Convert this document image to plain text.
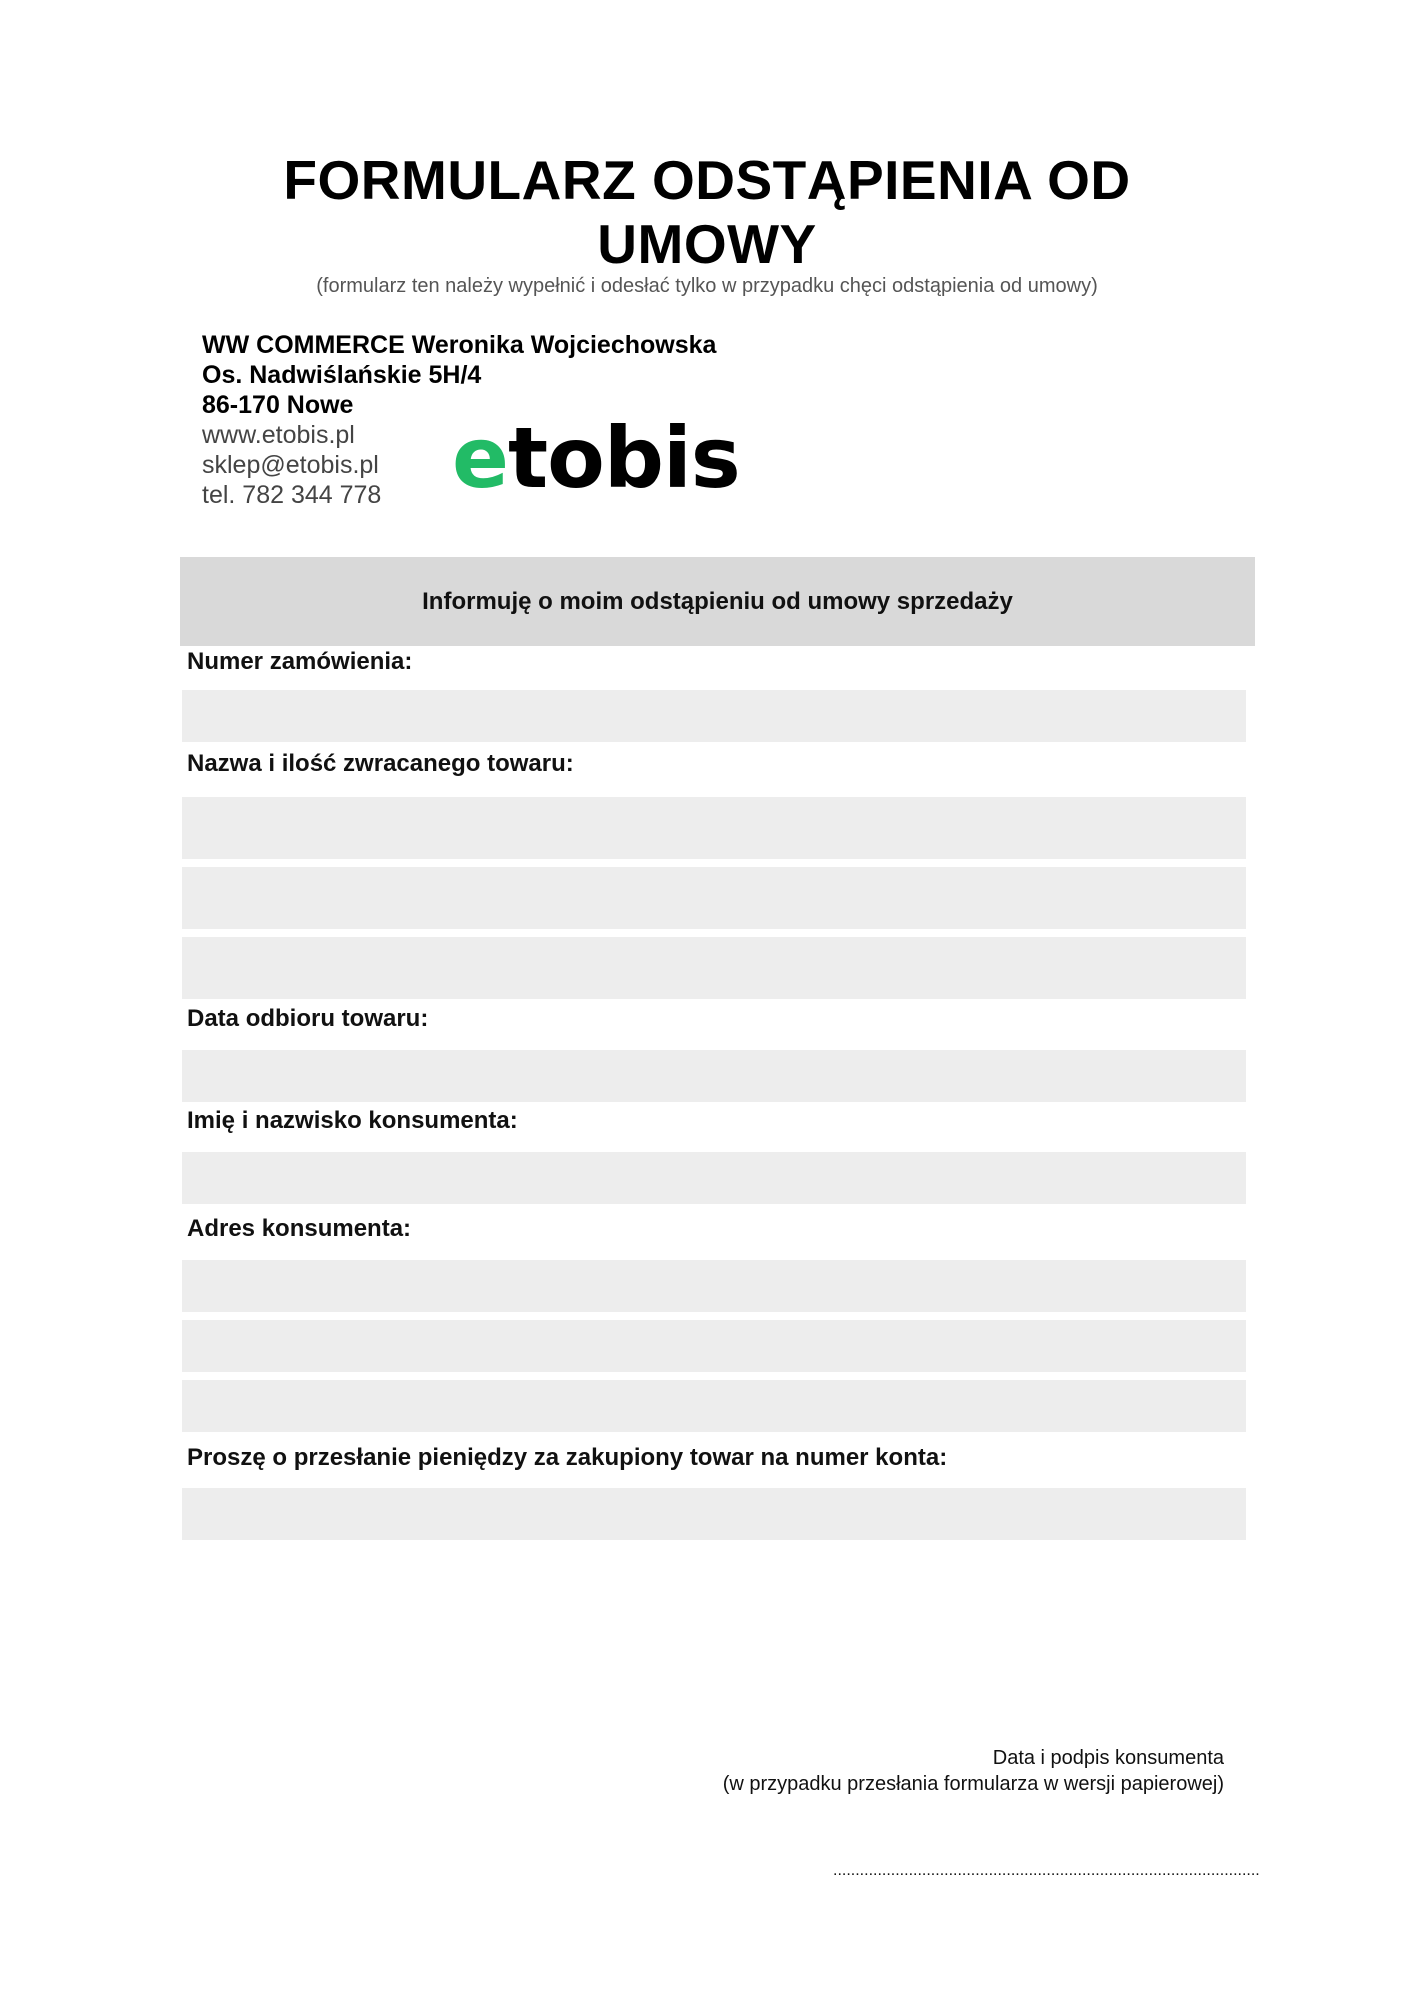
FORMULARZ ODSTĄPIENIA OD
UMOWY
(formularz ten należy wypełnić i odesłać tylko w przypadku chęci odstąpienia od umowy)
WW COMMERCE Weronika Wojciechowska
Os. Nadwiślańskie 5H/4
86-170 Nowe
www.etobis.pl
sklep@etobis.pl
tel. 782 344 778 etobis
Informuję o moim odstąpieniu od umowy sprzedaży
Numer zamówienia:
Nazwa i ilość zwracanego towaru:
Data odbioru towaru:
Imię i nazwisko konsumenta:
Adres konsumenta:
Proszę o przesłanie pieniędzy za zakupiony towar na numer konta:
Data i podpis konsumenta
(w przypadku przesłania formularza w wersji papierowej)
................................................................................................
